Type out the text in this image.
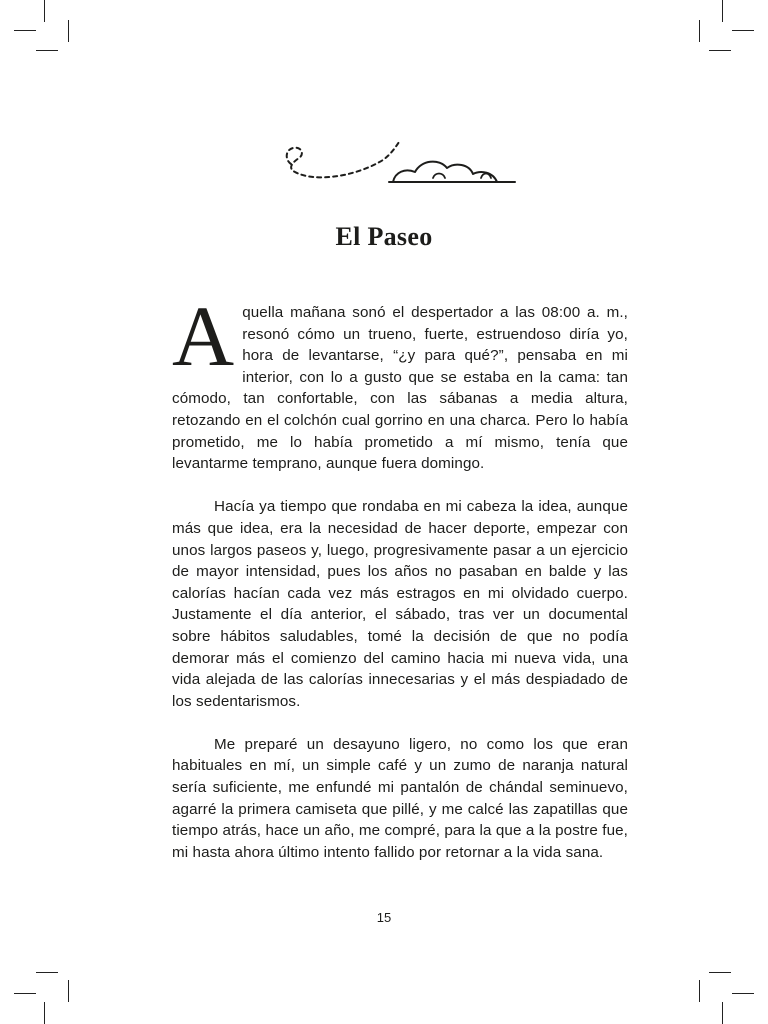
El Paseo

Aquella mañana sonó el despertador a las 08:00 a. m., resonó cómo un trueno, fuerte, estruendoso diría yo, hora de levantarse, “¿y para qué?”, pensaba en mi interior, con lo a gusto que se estaba en la cama: tan cómodo, tan confortable, con las sábanas a media altura, retozando en el colchón cual gorrino en una charca. Pero lo había prometido, me lo había prometido a mí mismo, tenía que levantarme temprano, aunque fuera domingo.

Hacía ya tiempo que rondaba en mi cabeza la idea, aunque más que idea, era la necesidad de hacer deporte, empezar con unos largos paseos y, luego, progresivamente pasar a un ejercicio de mayor intensidad, pues los años no pasaban en balde y las calorías hacían cada vez más estragos en mi olvidado cuerpo. Justamente el día anterior, el sábado, tras ver un documental sobre hábitos saludables, tomé la decisión de que no podía demorar más el comienzo del camino hacia mi nueva vida, una vida alejada de las calorías innecesarias y el más despiadado de los sedentarismos.

Me preparé un desayuno ligero, no como los que eran habituales en mí, un simple café y un zumo de naranja natural sería suficiente, me enfundé mi pantalón de chándal seminuevo, agarré la primera camiseta que pillé, y me calcé las zapatillas que tiempo atrás, hace un año, me compré, para la que a la postre fue, mi hasta ahora último intento fallido por retornar a la vida sana.

15
